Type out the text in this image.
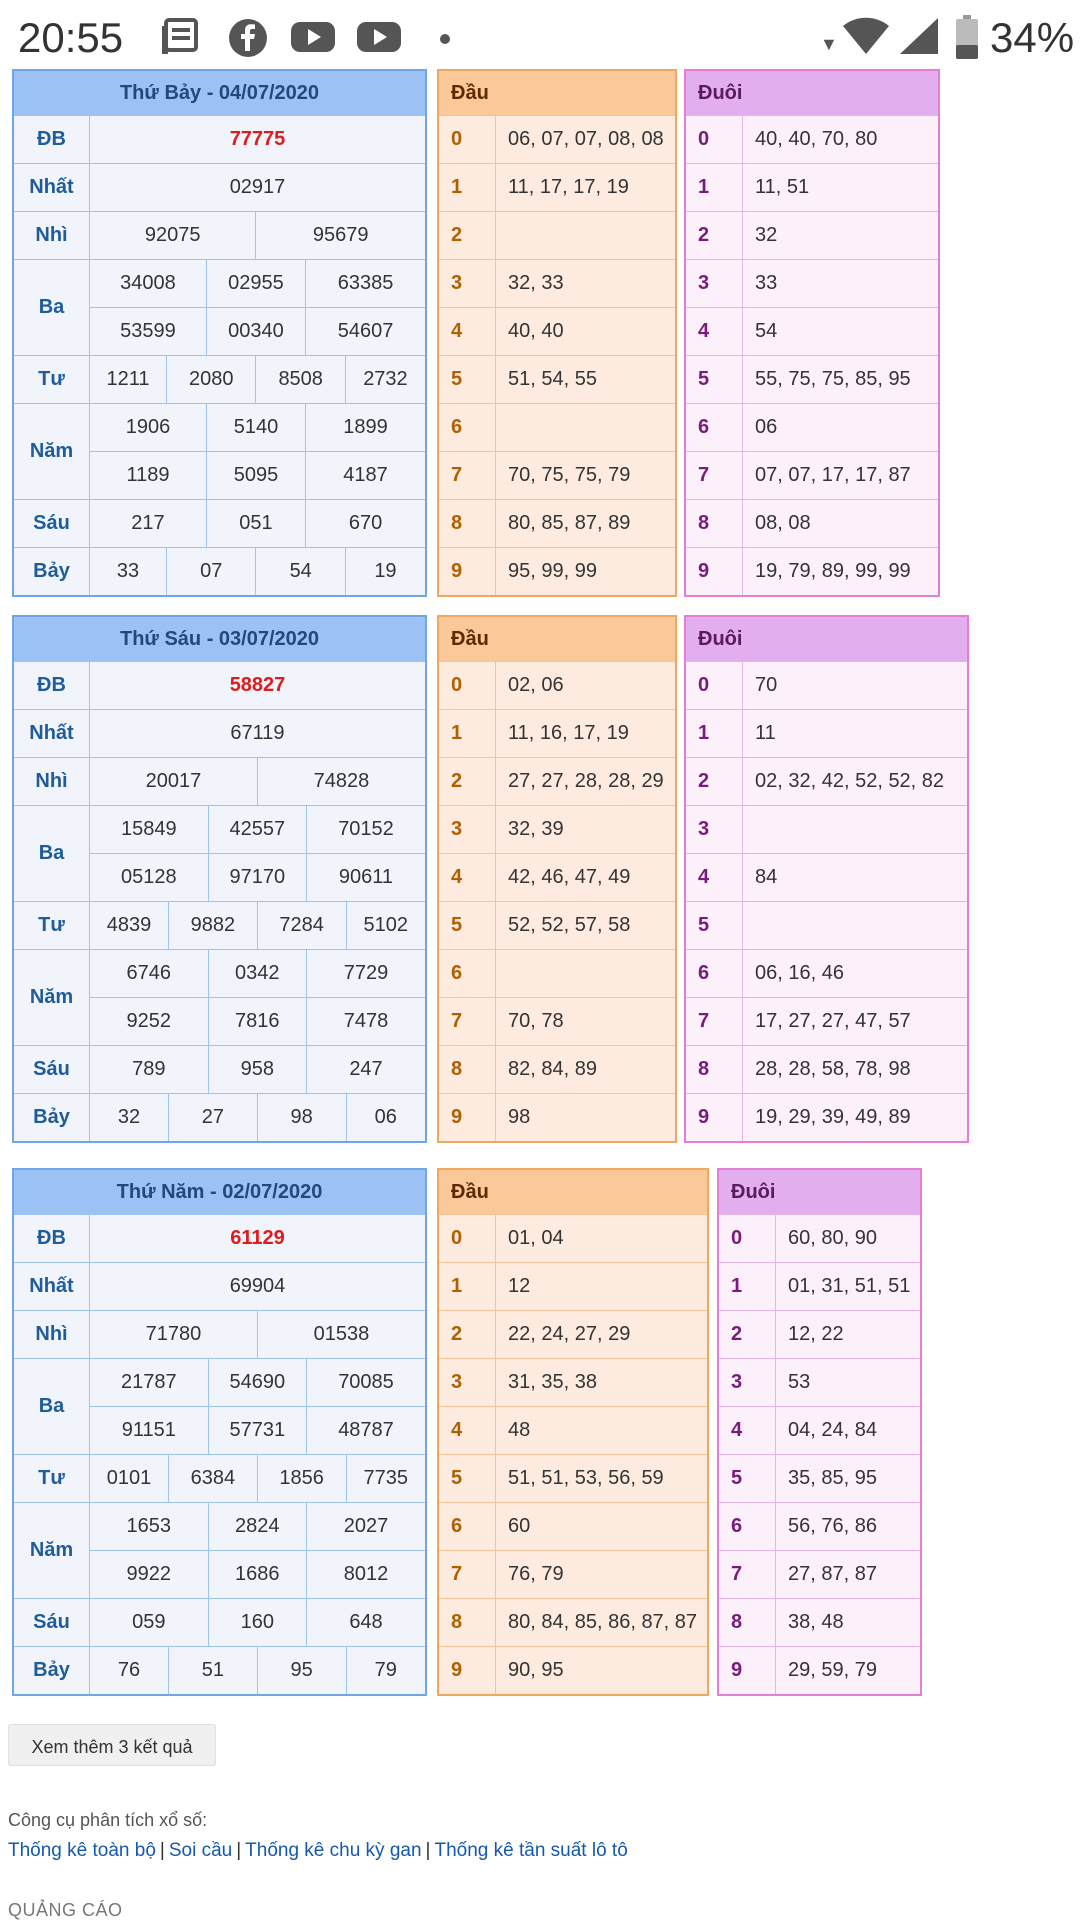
20:55	▼	34%
Thứ Bảy - 04/07/2020						
ĐB	77775					
Nhất	02917					
Nhì	92075			95679		
Ba	34008		02955		63385	
	53599		00340		54607	
Tư	1211	2080		8508		2732
Năm	1906		5140		1899	
	1189		5095		4187	
Sáu	217		051		670	
Bảy	33	07		54		19
Đầu	
0	06, 07, 07, 08, 08
1	11, 17, 17, 19
2	
3	32, 33
4	40, 40
5	51, 54, 55
6	
7	70, 75, 75, 79
8	80, 85, 87, 89
9	95, 99, 99
Đuôi	
0	40, 40, 70, 80
1	11, 51
2	32
3	33
4	54
5	55, 75, 75, 85, 95
6	06
7	07, 07, 17, 17, 87
8	08, 08
9	19, 79, 89, 99, 99
Thứ Sáu - 03/07/2020						
ĐB	58827					
Nhất	67119					
Nhì	20017			74828		
Ba	15849		42557		70152	
	05128		97170		90611	
Tư	4839	9882		7284		5102
Năm	6746		0342		7729	
	9252		7816		7478	
Sáu	789		958		247	
Bảy	32	27		98		06
Đầu	
0	02, 06
1	11, 16, 17, 19
2	27, 27, 28, 28, 29
3	32, 39
4	42, 46, 47, 49
5	52, 52, 57, 58
6	
7	70, 78
8	82, 84, 89
9	98
Đuôi	
0	70
1	11
2	02, 32, 42, 52, 52, 82
3	
4	84
5	
6	06, 16, 46
7	17, 27, 27, 47, 57
8	28, 28, 58, 78, 98
9	19, 29, 39, 49, 89
Thứ Năm - 02/07/2020						
ĐB	61129					
Nhất	69904					
Nhì	71780			01538		
Ba	21787		54690		70085	
	91151		57731		48787	
Tư	0101	6384		1856		7735
Năm	1653		2824		2027	
	9922		1686		8012	
Sáu	059		160		648	
Bảy	76	51		95		79
Đầu	
0	01, 04
1	12
2	22, 24, 27, 29
3	31, 35, 38
4	48
5	51, 51, 53, 56, 59
6	60
7	76, 79
8	80, 84, 85, 86, 87, 87
9	90, 95
Đuôi	
0	60, 80, 90
1	01, 31, 51, 51
2	12, 22
3	53
4	04, 24, 84
5	35, 85, 95
6	56, 76, 86
7	27, 87, 87
8	38, 48
9	29, 59, 79
Xem thêm 3 kết quả
Công cụ phân tích xổ số:
Thống kê toàn bộ | Soi cầu | Thống kê chu kỳ gan | Thống kê tần suất lô tô
QUẢNG CÁO
